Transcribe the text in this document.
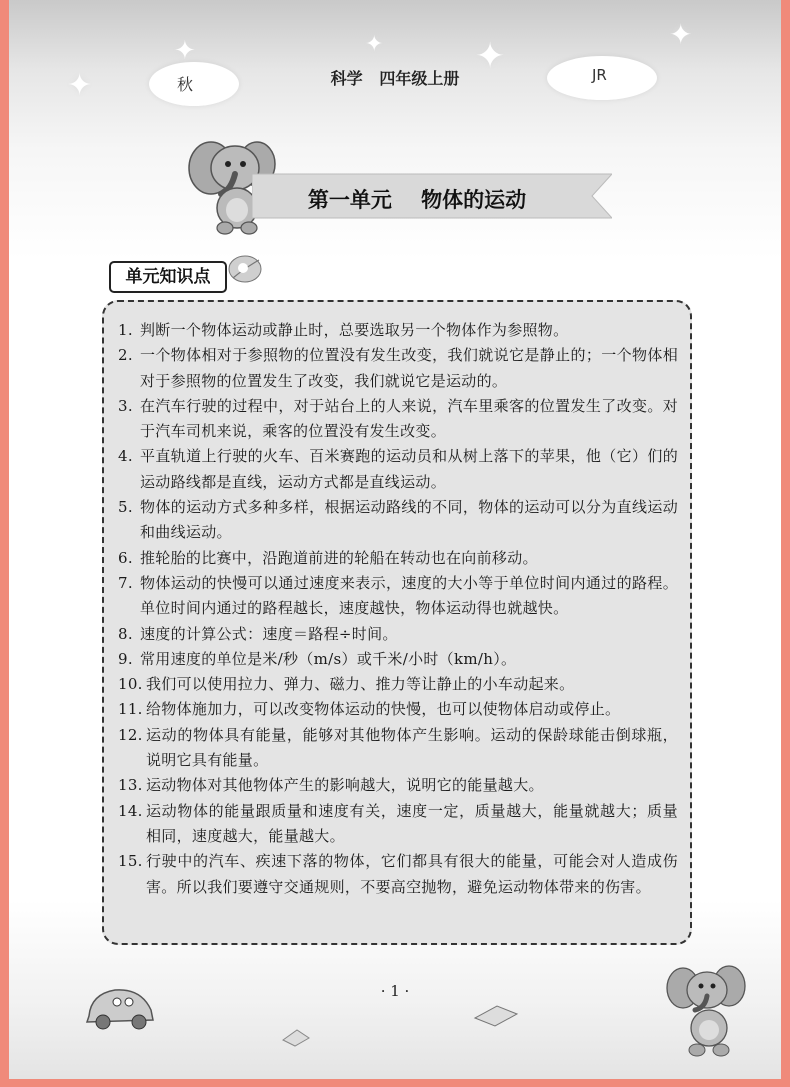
秋	JR
✦
✦
✦	✦
✦
科学   四年级上册
第一单元    物体的运动
单元知识点
1. 判断一个物体运动或静止时，总要选取另一个物体作为参照物。
2. 一个物体相对于参照物的位置没有发生改变，我们就说它是静止的；一个物体相对于参照物的位置发生了改变，我们就说它是运动的。
3. 在汽车行驶的过程中，对于站台上的人来说，汽车里乘客的位置发生了改变。对于汽车司机来说，乘客的位置没有发生改变。
4. 平直轨道上行驶的火车、百米赛跑的运动员和从树上落下的苹果，他（它）们的运动路线都是直线，运动方式都是直线运动。
5. 物体的运动方式多种多样，根据运动路线的不同，物体的运动可以分为直线运动和曲线运动。
6. 推轮胎的比赛中，沿跑道前进的轮船在转动也在向前移动。
7. 物体运动的快慢可以通过速度来表示，速度的大小等于单位时间内通过的路程。单位时间内通过的路程越长，速度越快，物体运动得也就越快。
8. 速度的计算公式：速度＝路程÷时间。
9. 常用速度的单位是米/秒（m/s）或千米/小时（km/h）。
10. 我们可以使用拉力、弹力、磁力、推力等让静止的小车动起来。
11. 给物体施加力，可以改变物体运动的快慢，也可以使物体启动或停止。
12. 运动的物体具有能量，能够对其他物体产生影响。运动的保龄球能击倒球瓶，说明它具有能量。
13. 运动物体对其他物体产生的影响越大，说明它的能量越大。
14. 运动物体的能量跟质量和速度有关，速度一定，质量越大，能量就越大；质量相同，速度越大，能量越大。
15. 行驶中的汽车、疾速下落的物体，它们都具有很大的能量，可能会对人造成伤害。所以我们要遵守交通规则，不要高空抛物，避免运动物体带来的伤害。
· 1 ·
